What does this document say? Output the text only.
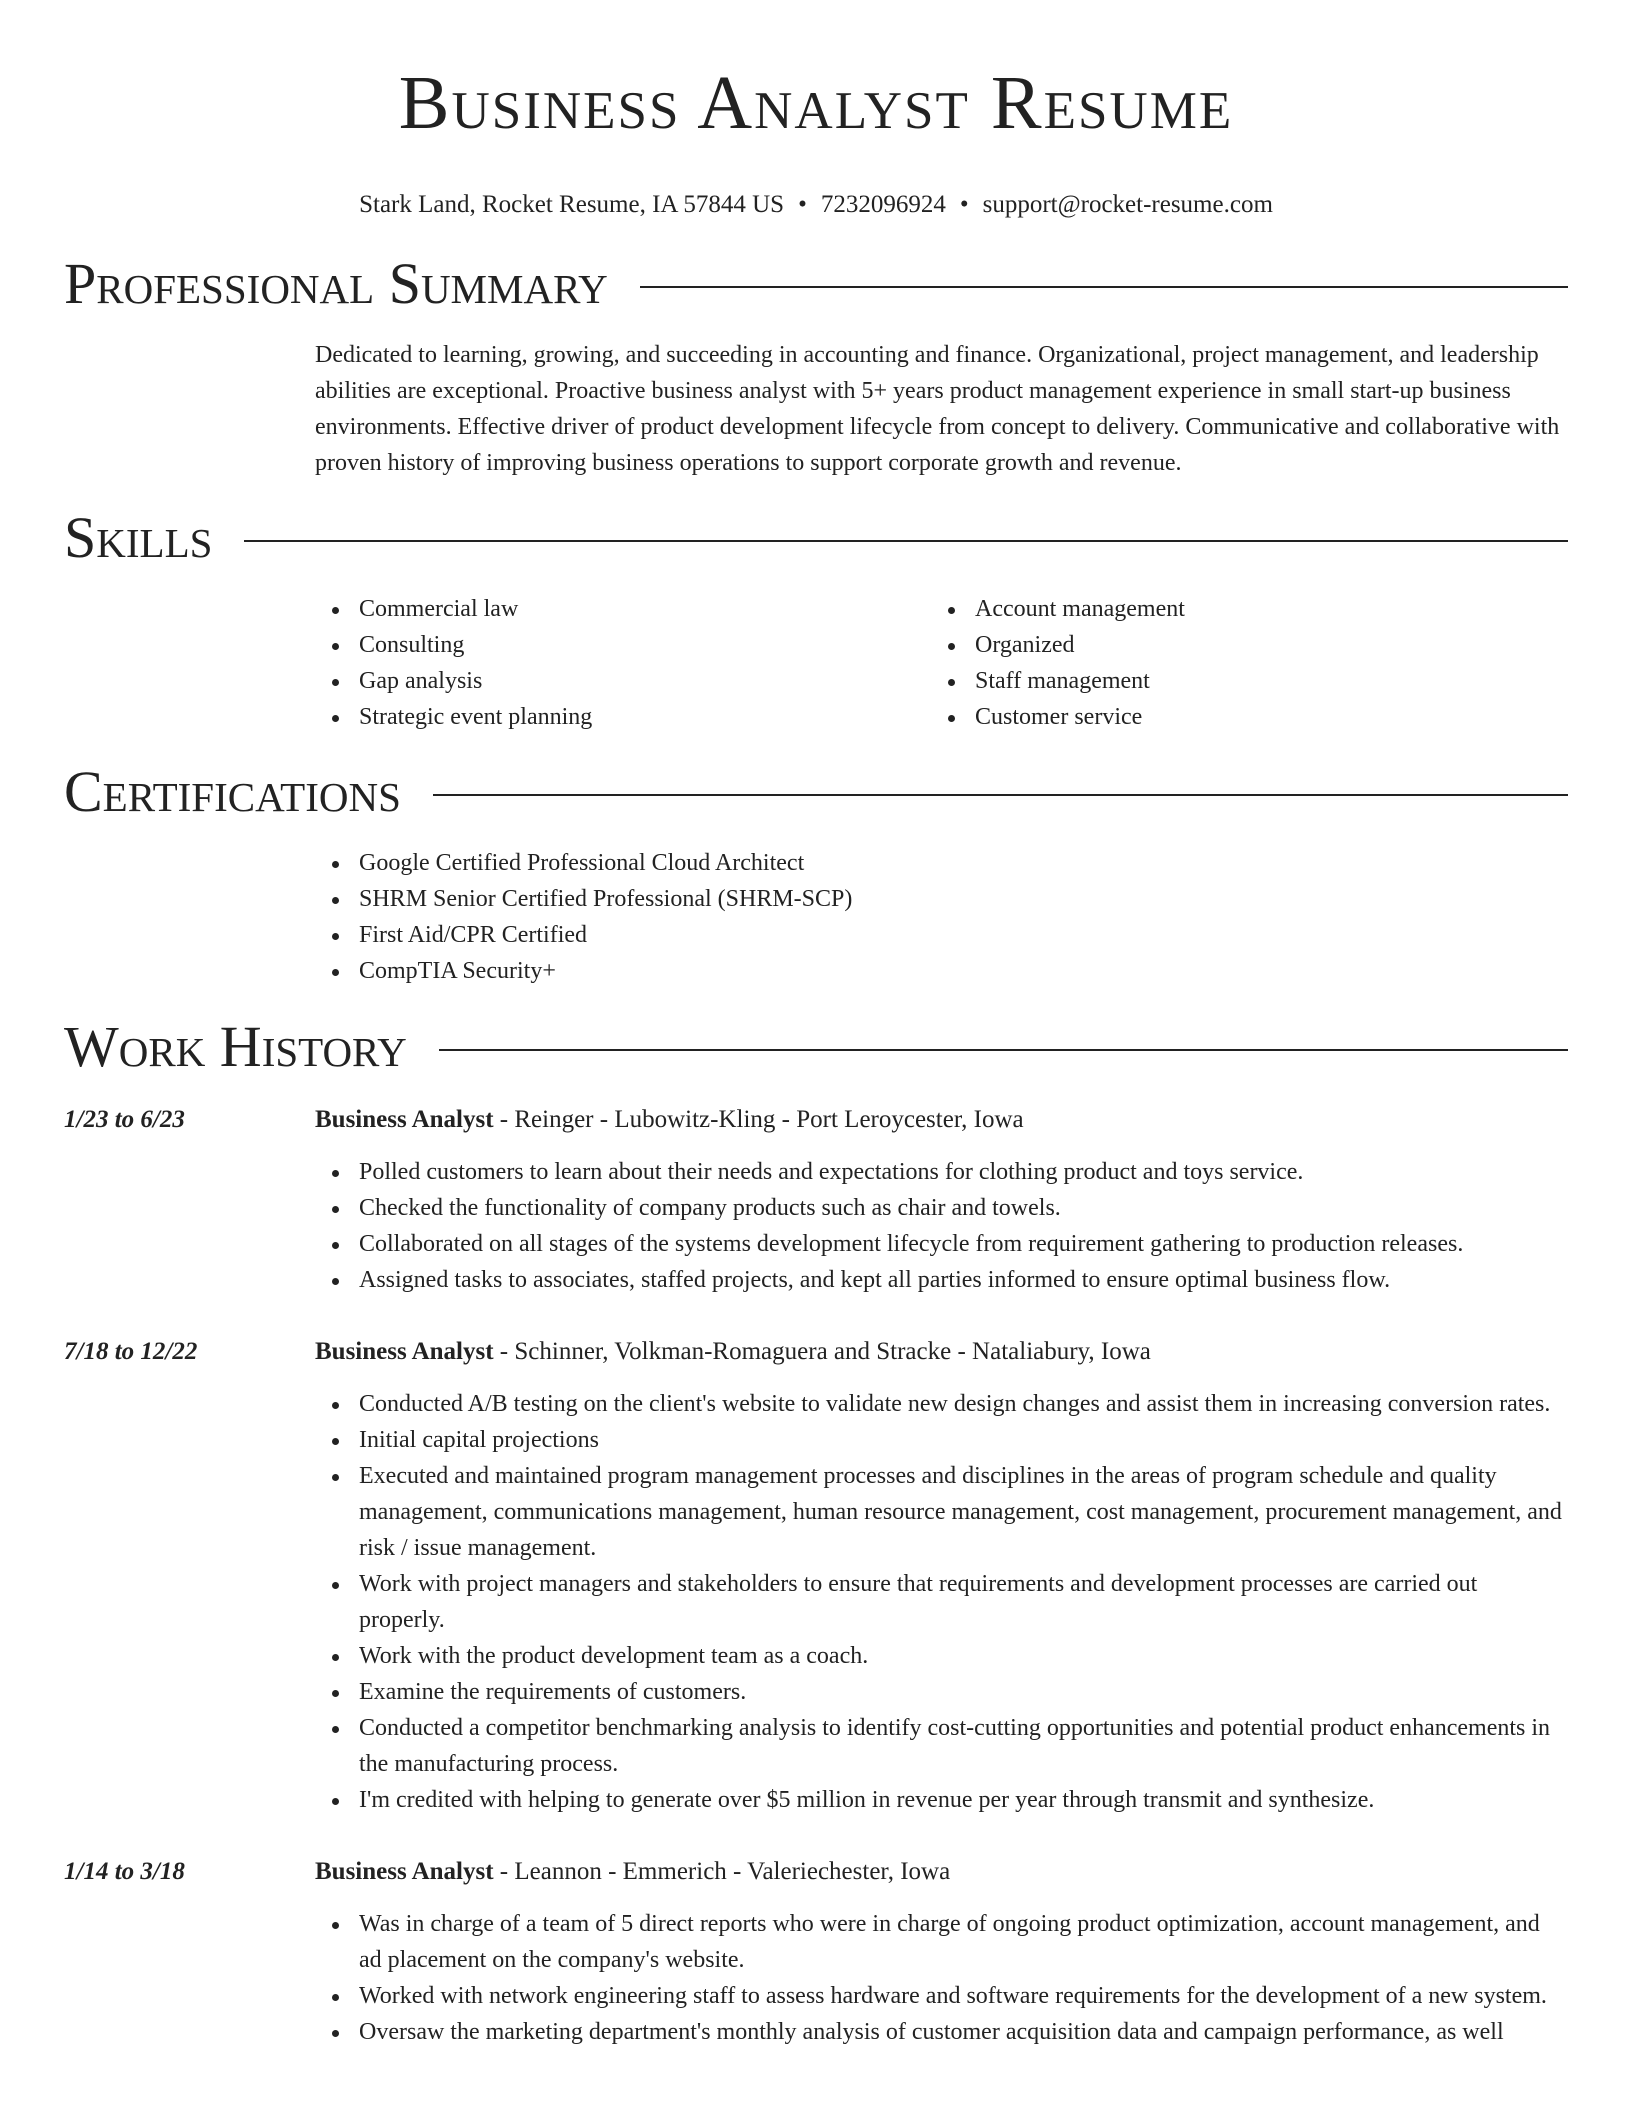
Business Analyst Resume
Stark Land, Rocket Resume, IA 57844 US • 7232096924 • support@rocket-resume.com
Professional Summary

Dedicated to learning, growing, and succeeding in accounting and finance. Organizational, project management, and leadership abilities are exceptional. Proactive business analyst with 5+ years product management experience in small start-up business environments. Effective driver of product development lifecycle from concept to delivery. Communicative and collaborative with proven history of improving business operations to support corporate growth and revenue.

Skills
Commercial law
Consulting
Gap analysis
Strategic event planning
Account management
Organized
Staff management
Customer service
Certifications
Google Certified Professional Cloud Architect
SHRM Senior Certified Professional (SHRM-SCP)
First Aid/CPR Certified
CompTIA Security+
Work History
1/23 to 6/23	Business Analyst - Reinger - Lubowitz-Kling - Port Leroycester, Iowa
Polled customers to learn about their needs and expectations for clothing product and toys service.
Checked the functionality of company products such as chair and towels.
Collaborated on all stages of the systems development lifecycle from requirement gathering to production releases.
Assigned tasks to associates, staffed projects, and kept all parties informed to ensure optimal business flow.
7/18 to 12/22	Business Analyst - Schinner, Volkman-Romaguera and Stracke - Nataliabury, Iowa
Conducted A/B testing on the client's website to validate new design changes and assist them in increasing conversion rates.
Initial capital projections
Executed and maintained program management processes and disciplines in the areas of program schedule and quality management, communications management, human resource management, cost management, procurement management, and risk / issue management.
Work with project managers and stakeholders to ensure that requirements and development processes are carried out properly.
Work with the product development team as a coach.
Examine the requirements of customers.
Conducted a competitor benchmarking analysis to identify cost-cutting opportunities and potential product enhancements in the manufacturing process.
I'm credited with helping to generate over $5 million in revenue per year through transmit and synthesize.
1/14 to 3/18	Business Analyst - Leannon - Emmerich - Valeriechester, Iowa
Was in charge of a team of 5 direct reports who were in charge of ongoing product optimization, account management, and ad placement on the company's website.
Worked with network engineering staff to assess hardware and software requirements for the development of a new system.
Oversaw the marketing department's monthly analysis of customer acquisition data and campaign performance, as well
